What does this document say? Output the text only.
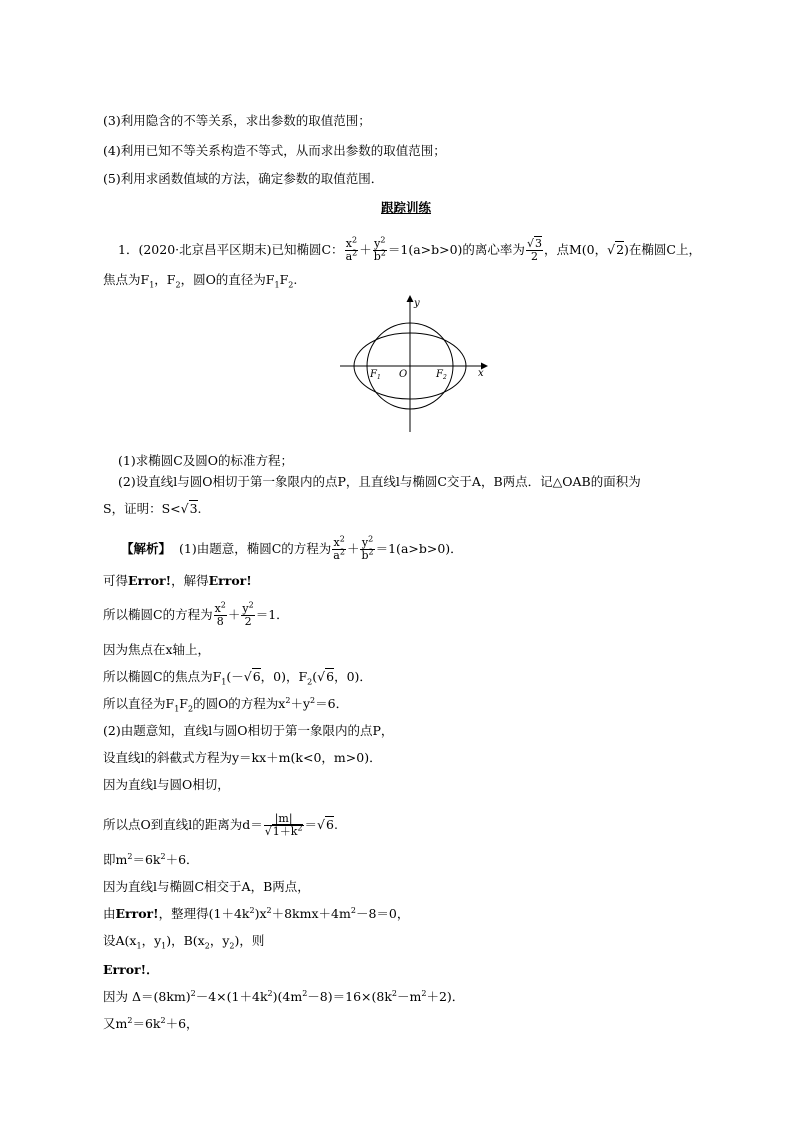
(3)利用隐含的不等关系，求出参数的取值范围；
(4)利用已知不等关系构造不等式，从而求出参数的取值范围；
(5)利用求函数值域的方法，确定参数的取值范围．
跟踪训练
1．(2020·北京昌平区期末)已知椭圆C： $\frac{x^2}{a^2} + \frac{y^2}{b^2} =1(a>b>0)$的离心率为 $\frac{√3}{2}$ ，点M(0，√2)在椭圆C上，
焦点为$F_1$，$F_2$，圆O的直径为$F_1F_2$.
y
x
O
$F_1$	$F_2$
(1)求椭圆C及圆O的标准方程；
(2)设直线l与圆O相切于第一象限内的点P，且直线l与椭圆C交于A，B两点．记△OAB的面积为
S，证明：S<√3.
【解析】 (1)由题意，椭圆C的方程为 $\frac{x^2}{a^2} + \frac{y^2}{b^2} =1(a>b>0)$．
可得Error!，解得Error!
所以椭圆C的方程为 $\frac{x^2}{8} + \frac{y^2}{2} =1$．
因为焦点在x轴上，
所以椭圆C的焦点为$F_1(-√6$，0)，$F_2(√6$，0)．
所以直径为$F_1F_2$的圆O的方程为$x^2+y^2=6$．
(2)由题意知，直线l与圆O相切于第一象限内的点P，
设直线l的斜截式方程为y＝kx＋m(k<0，m>0)．
因为直线l与圆O相切，
所以点O到直线l的距离为$d= \frac{|m|}{√1+k^2} =√6$.
即$m^2=6k^2+6$．
因为直线l与椭圆C相交于A，B两点，
由Error!，整理得$(1+4k^2)x^2+8kmx+4m^2-8=0$，
设$A(x_1$，$y_1$)，$B(x_2$，$y_2$)，则
Error!．
因为 $\Delta=(8km)^2-4\times(1+4k^2)(4m^2-8)=16\times(8k^2-m^2+2)$．
又$m^2=6k^2+6$，
